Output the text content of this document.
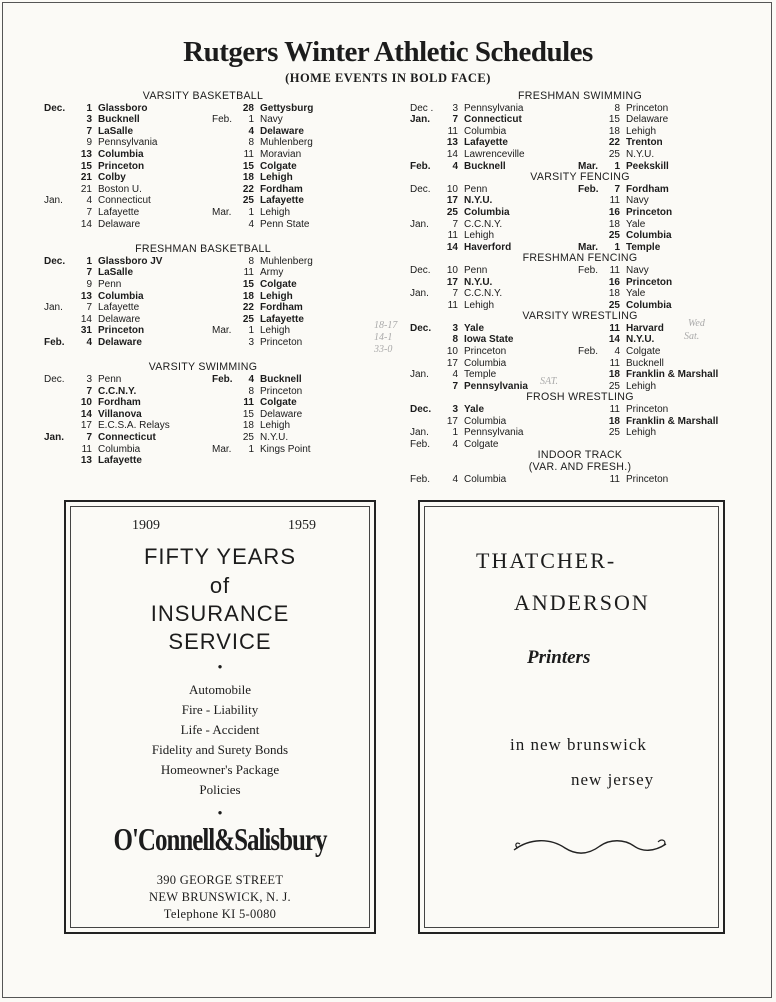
Rutgers Winter Athletic Schedules
(HOME EVENTS IN BOLD FACE)
VARSITY BASKETBALL
Dec.	1 Glassboro	28 Gettysburg
3 Bucknell	Feb.	1 Navy
7 LaSalle	4 Delaware
9 Pennsylvania	8 Muhlenberg
13 Columbia	11 Moravian
15 Princeton	15 Colgate
21 Colby	18 Lehigh
21 Boston U.	22 Fordham
Jan.	4 Connecticut	25 Lafayette
7 Lafayette	Mar.	1 Lehigh
14 Delaware	4 Penn State
FRESHMAN BASKETBALL
Dec.	1 Glassboro JV	8 Muhlenberg
7 LaSalle	11 Army
9 Penn	15 Colgate
13 Columbia	18 Lehigh
Jan.	7 Lafayette	22 Fordham
14 Delaware	25 Lafayette
31 Princeton	Mar.	1 Lehigh
Feb.	4 Delaware	3 Princeton
VARSITY SWIMMING
Dec.	3 Penn	Feb.	4 Bucknell
7 C.C.N.Y.	8 Princeton
10 Fordham	11 Colgate
14 Villanova	15 Delaware
17 E.C.S.A. Relays	18 Lehigh
Jan.	7 Connecticut	25 N.Y.U.
11 Columbia	Mar.	1 Kings Point
13 Lafayette
FRESHMAN SWIMMING
Dec .	3 Pennsylvania	8 Princeton
Jan.	7 Connecticut	15 Delaware
11 Columbia	18 Lehigh
13 Lafayette	22 Trenton
14 Lawrenceville	25 N.Y.U.
Feb.	4 Bucknell	Mar.	1 Peekskill
VARSITY FENCING
Dec.	10 Penn	Feb.	7 Fordham
17 N.Y.U.	11 Navy
25 Columbia	16 Princeton
Jan.	7 C.C.N.Y.	18 Yale
11 Lehigh	25 Columbia
14 Haverford	Mar.	1 Temple
FRESHMAN FENCING
Dec.	10 Penn	Feb.	11 Navy
17 N.Y.U.	16 Princeton
Jan.	7 C.C.N.Y.	18 Yale
11 Lehigh	25 Columbia
VARSITY WRESTLING
Dec.	3 Yale	11 Harvard
8 Iowa State	14 N.Y.U.
10 Princeton	Feb.	4 Colgate
17 Columbia	11 Bucknell
Jan.	4 Temple	18 Franklin & Marshall
7 Pennsylvania	25 Lehigh
FROSH WRESTLING
Dec.	3 Yale	11 Princeton
17 Columbia	18 Franklin & Marshall
Jan.	1 Pennsylvania	25 Lehigh
Feb.	4 Colgate
INDOOR TRACK
(VAR. AND FRESH.)
Feb.	4 Columbia	11 Princeton
Wed
Sat.
SAT.
18-17
14-1
33-0
1909	1959
FIFTY YEARS
of
INSURANCE
SERVICE
●
Automobile
Fire - Liability
Life - Accident
Fidelity and Surety Bonds
Homeowner's Package
Policies
●
O'Connell&Salisbury
390 GEORGE STREET
NEW BRUNSWICK, N. J.
Telephone KI 5-0080
THATCHER-
ANDERSON
Printers
in new brunswick
new jersey
